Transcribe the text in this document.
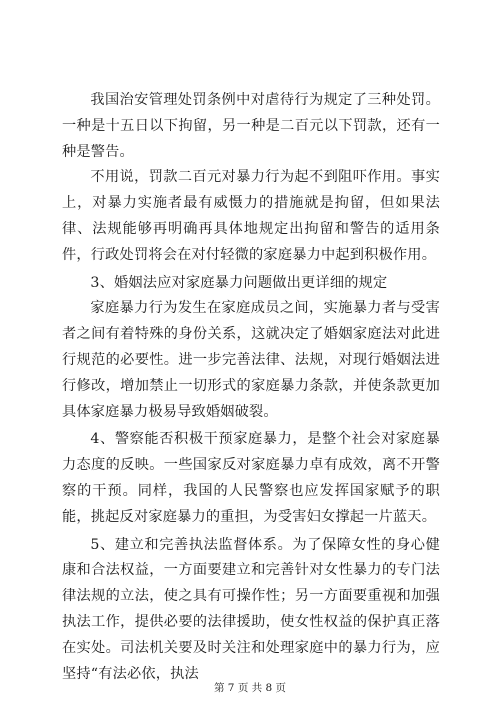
我国治安管理处罚条例中对虐待行为规定了三种处罚。一种是十五日以下拘留，另一种是二百元以下罚款，还有一种是警告。

不用说，罚款二百元对暴力行为起不到阻吓作用。事实上，对暴力实施者最有威慑力的措施就是拘留，但如果法律、法规能够再明确再具体地规定出拘留和警告的适用条件，行政处罚将会在对付轻微的家庭暴力中起到积极作用。

3、婚姻法应对家庭暴力问题做出更详细的规定

家庭暴力行为发生在家庭成员之间，实施暴力者与受害者之间有着特殊的身份关系，这就决定了婚姻家庭法对此进行规范的必要性。进一步完善法律、法规，对现行婚姻法进行修改，增加禁止一切形式的家庭暴力条款，并使条款更加具体家庭暴力极易导致婚姻破裂。

4、警察能否积极干预家庭暴力，是整个社会对家庭暴力态度的反映。一些国家反对家庭暴力卓有成效，离不开警察的干预。同样，我国的人民警察也应发挥国家赋予的职能，挑起反对家庭暴力的重担，为受害妇女撑起一片蓝天。

5、建立和完善执法监督体系。为了保障女性的身心健康和合法权益，一方面要建立和完善针对女性暴力的专门法律法规的立法，使之具有可操作性；另一方面要重视和加强执法工作，提供必要的法律援助，使女性权益的保护真正落在实处。司法机关要及时关注和处理家庭中的暴力行为，应坚持“有法必依，执法

第 7 页 共 8 页
